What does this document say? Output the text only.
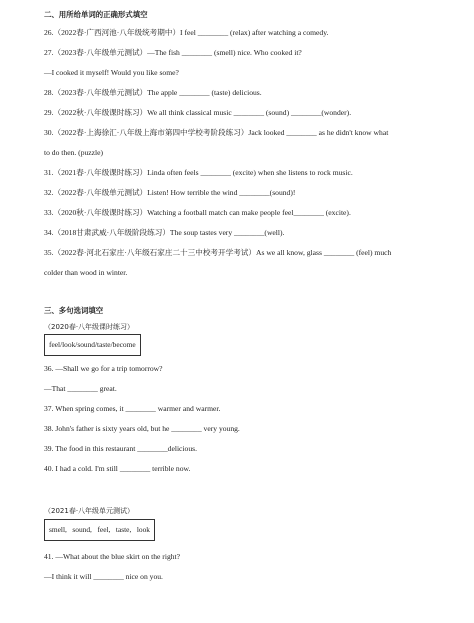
二、用所给单词的正确形式填空
26.（2022春·广西河池·八年级统考期中）I feel ________ (relax) after watching a comedy.
27.（2023春·八年级单元测试）—The fish ________ (smell) nice. Who cooked it?
—I cooked it myself! Would you like some?
28.（2023春·八年级单元测试）The apple ________ (taste) delicious.
29.（2022秋·八年级课时练习）We all think classical music ________ (sound) ________(wonder).
30.（2022春·上海徐汇·八年级上海市第四中学校考阶段练习）Jack looked ________ as he didn't know what
to do then. (puzzle)
31.（2021春·八年级课时练习）Linda often feels ________ (excite) when she listens to rock music.
32.（2022春·八年级单元测试）Listen! How terrible the wind ________(sound)!
33.（2020秋·八年级课时练习）Watching a football match can make people feel________ (excite).
34.（2018甘肃武威·八年级阶段练习）The soup tastes very ________(well).
35.（2022春·河北石家庄·八年级石家庄二十三中校考开学考试）As we all know, glass ________ (feel) much
colder than wood in winter.
三、多句选词填空
（2020春·八年级课时练习）
feel/look/sound/taste/become
36. —Shall we go for a trip tomorrow?
—That ________ great.
37. When spring comes, it ________ warmer and warmer.
38. John's father is sixty years old, but he ________ very young.
39. The food in this restaurant ________delicious.
40. I had a cold. I'm still ________ terrible now.
（2021春·八年级单元测试）
smell,   sound,   feel,   taste,   look
41. —What about the blue skirt on the right?
—I think it will ________ nice on you.
